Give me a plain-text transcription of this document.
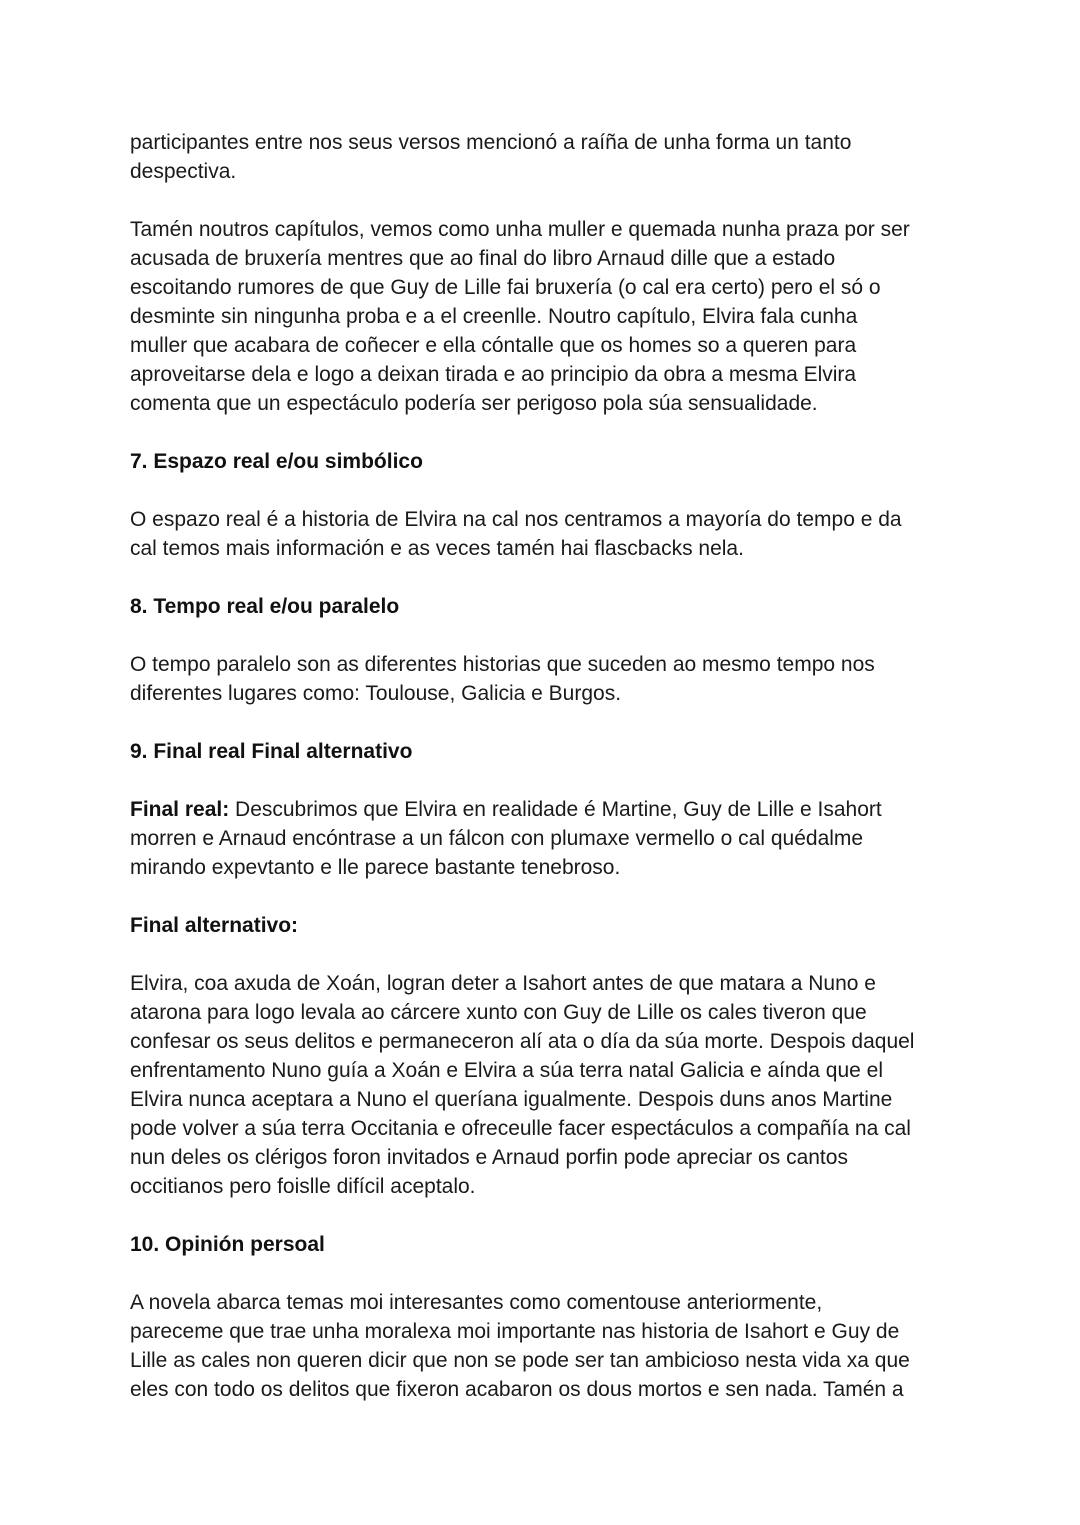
participantes entre nos seus versos mencionó a raíña de unha forma un tanto
despectiva.

Tamén noutros capítulos, vemos como unha muller e quemada nunha praza por ser
acusada de bruxería mentres que ao final do libro Arnaud dille que a estado
escoitando rumores de que Guy de Lille fai bruxería (o cal era certo) pero el só o
desminte sin ningunha proba e a el creenlle. Noutro capítulo, Elvira fala cunha
muller que acabara de coñecer e ella cóntalle que os homes so a queren para
aproveitarse dela e logo a deixan tirada e ao principio da obra a mesma Elvira
comenta que un espectáculo podería ser perigoso pola súa sensualidade.

7. Espazo real e/ou simbólico

O espazo real é a historia de Elvira na cal nos centramos a mayoría do tempo e da
cal temos mais información e as veces tamén hai flascbacks nela.

8. Tempo real e/ou paralelo

O tempo paralelo son as diferentes historias que suceden ao mesmo tempo nos
diferentes lugares como: Toulouse, Galicia e Burgos.

9. Final real Final alternativo

Final real: Descubrimos que Elvira en realidade é Martine, Guy de Lille e Isahort
morren e Arnaud encóntrase a un fálcon con plumaxe vermello o cal quédalme
mirando expevtanto e lle parece bastante tenebroso.

Final alternativo:

Elvira, coa axuda de Xoán, logran deter a Isahort antes de que matara a Nuno e
atarona para logo levala ao cárcere xunto con Guy de Lille os cales tiveron que
confesar os seus delitos e permaneceron alí ata o día da súa morte. Despois daquel
enfrentamento Nuno guía a Xoán e Elvira a súa terra natal Galicia e aínda que el
Elvira nunca aceptara a Nuno el queríana igualmente. Despois duns anos Martine
pode volver a súa terra Occitania e ofreceulle facer espectáculos a compañía na cal
nun deles os clérigos foron invitados e Arnaud porfin pode apreciar os cantos
occitianos pero foislle difícil aceptalo.

10. Opinión persoal

A novela abarca temas moi interesantes como comentouse anteriormente,
pareceme que trae unha moralexa moi importante nas historia de Isahort e Guy de
Lille as cales non queren dicir que non se pode ser tan ambicioso nesta vida xa que
eles con todo os delitos que fixeron acabaron os dous mortos e sen nada. Tamén a
